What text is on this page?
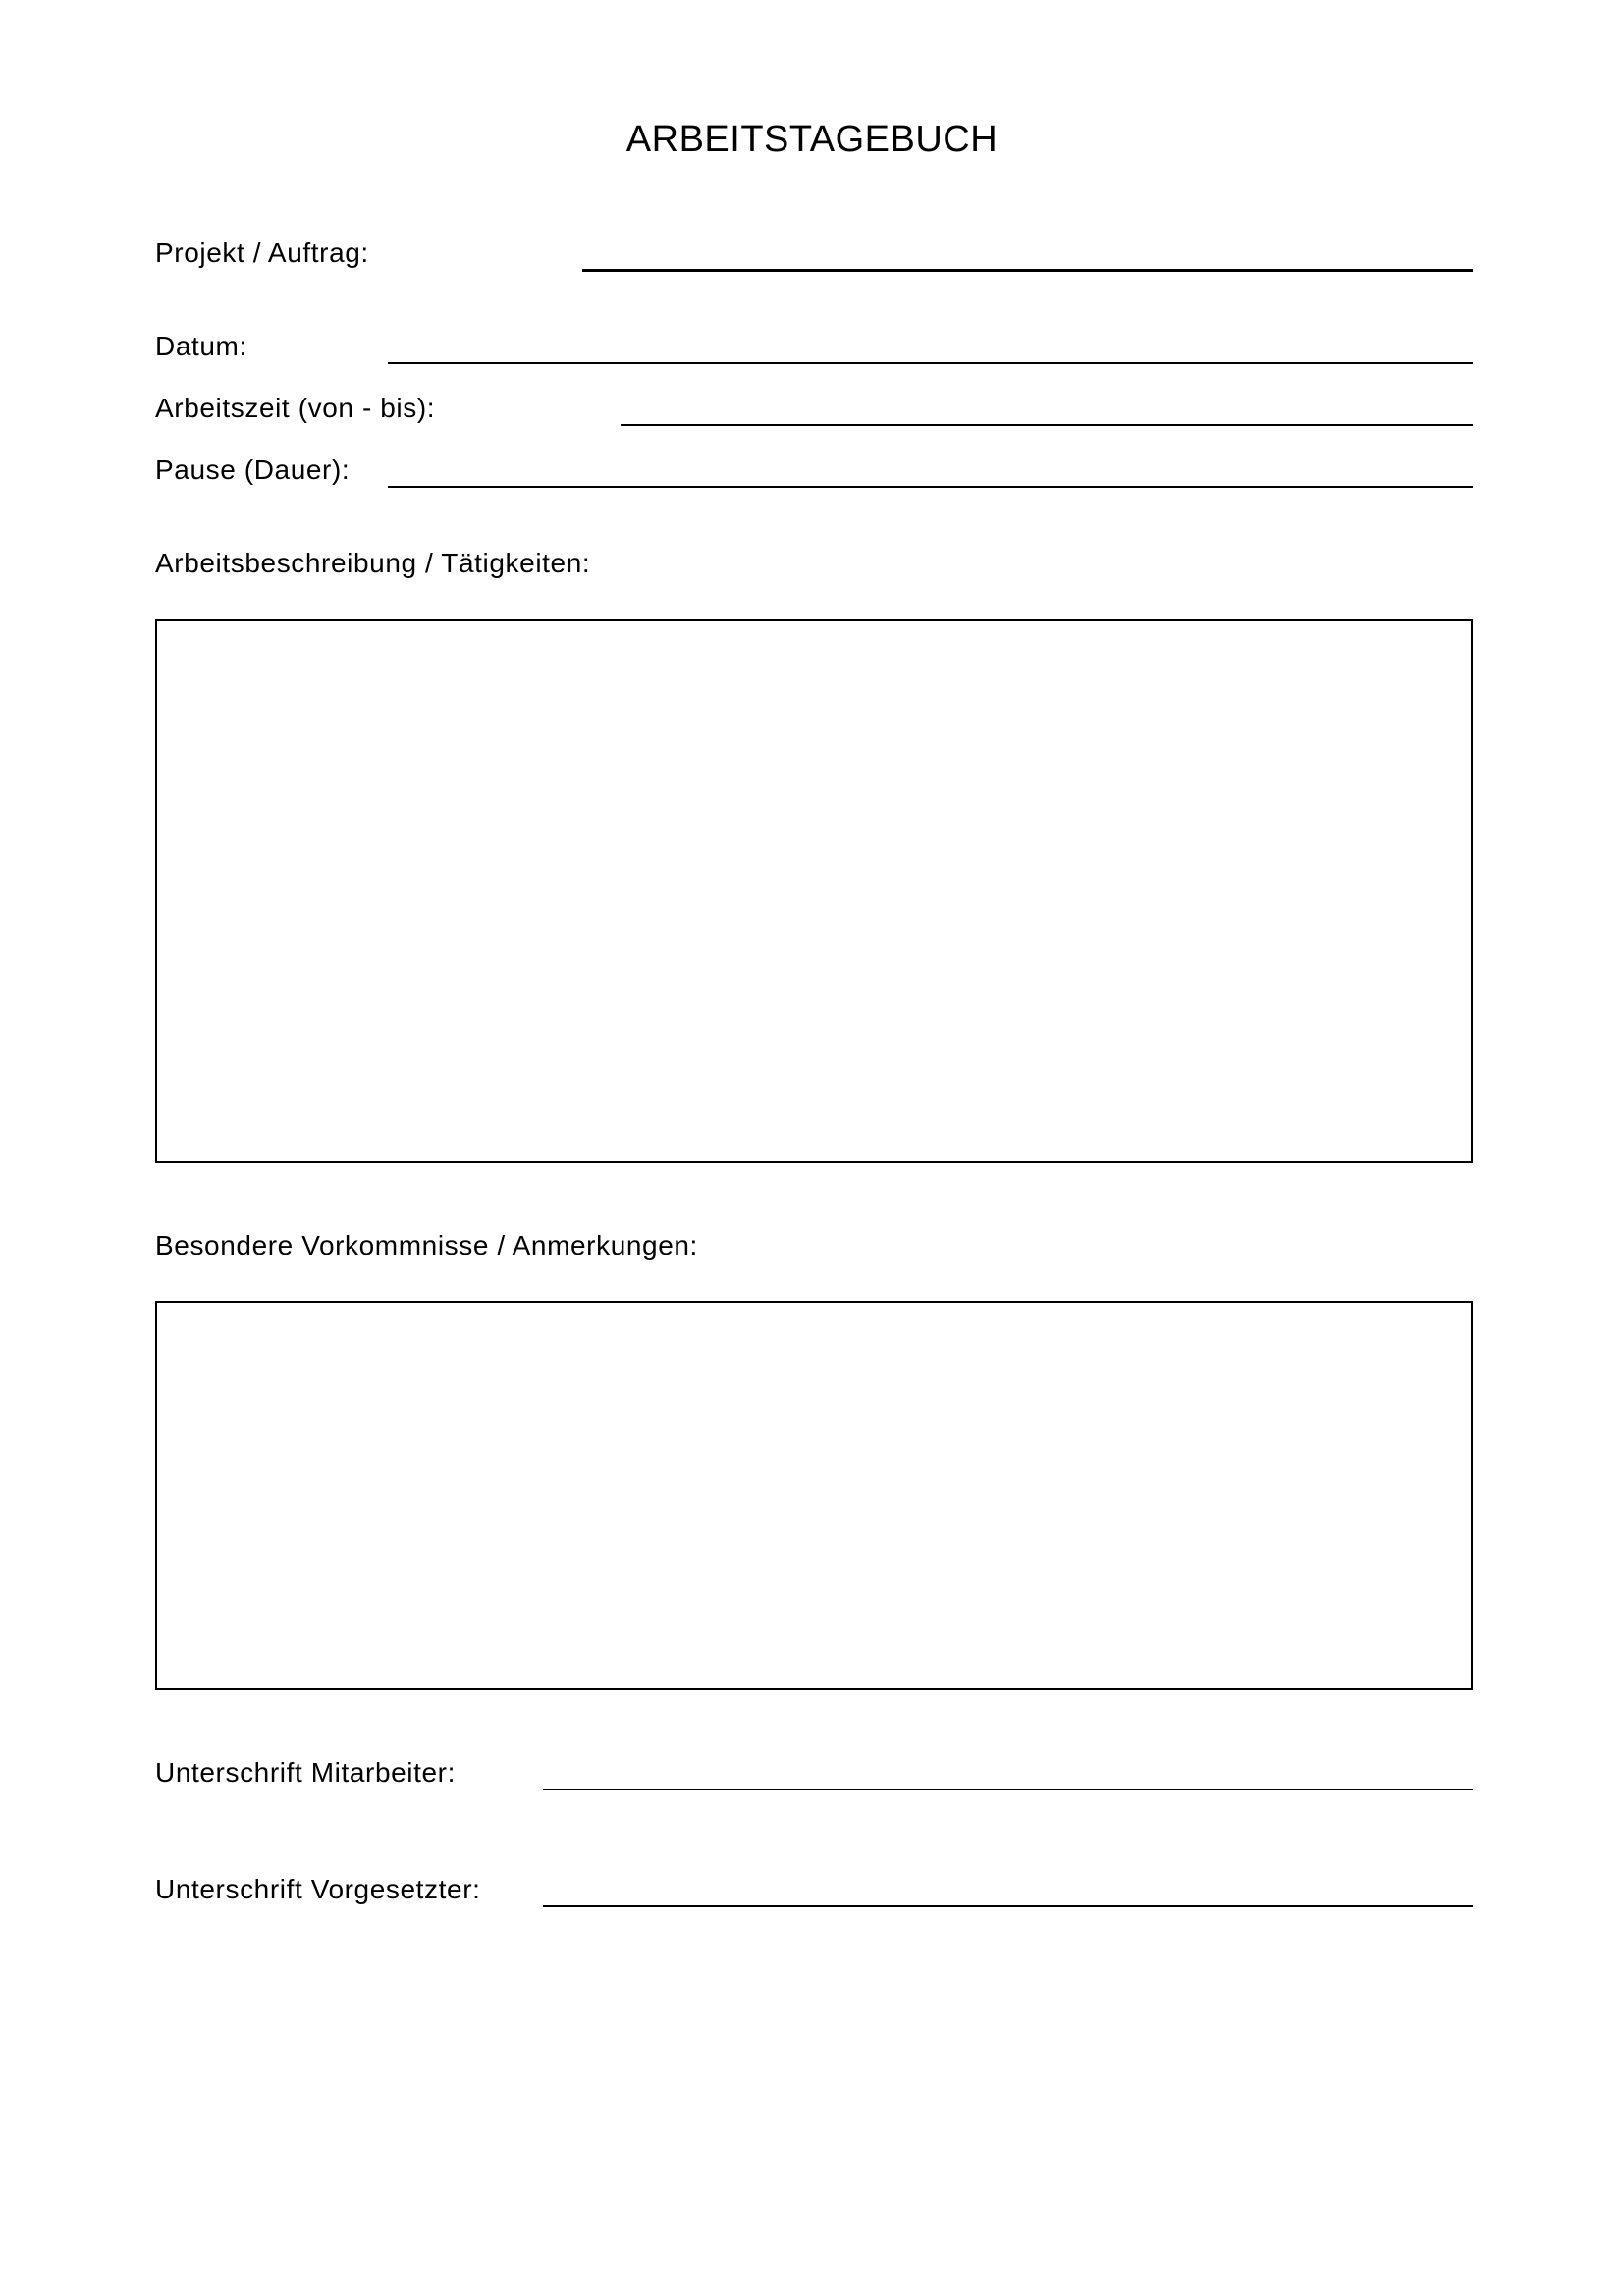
ARBEITSTAGEBUCH
Projekt / Auftrag:
Datum:
Arbeitszeit (von - bis):
Pause (Dauer):
Arbeitsbeschreibung / Tätigkeiten:
Besondere Vorkommnisse / Anmerkungen:
Unterschrift Mitarbeiter:
Unterschrift Vorgesetzter:
